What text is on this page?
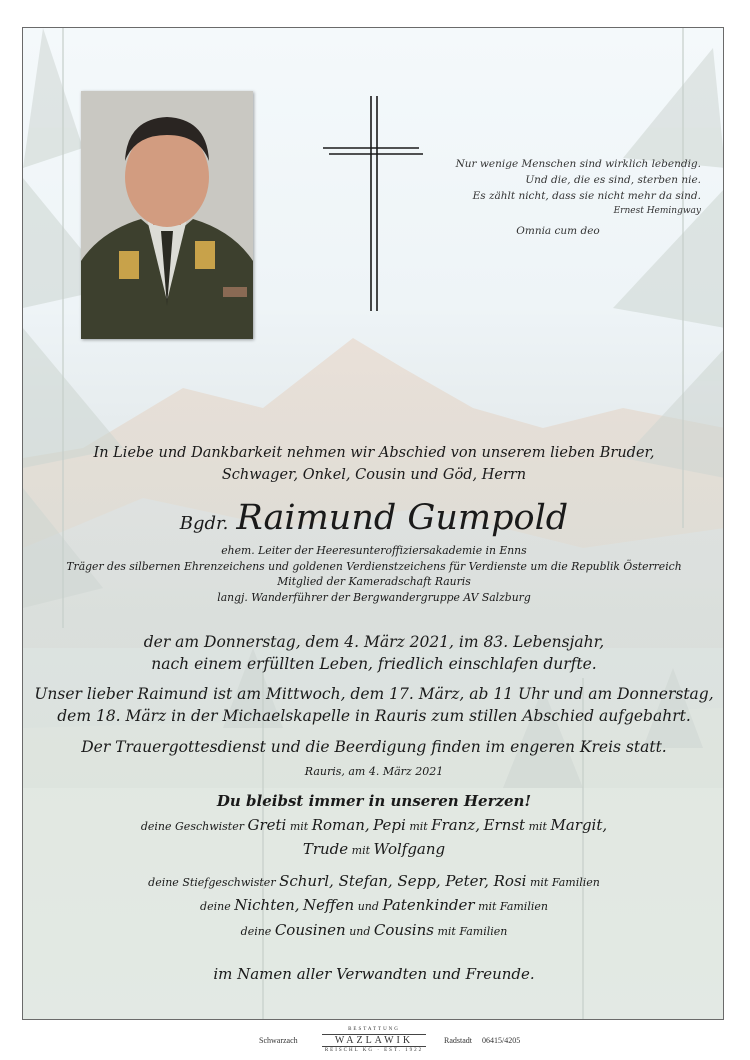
Nur wenige Menschen sind wirklich lebendig.
Und die, die es sind, sterben nie.
Es zählt nicht, dass sie nicht mehr da sind.
Ernest Hemingway
Omnia cum deo
In Liebe und Dankbarkeit nehmen wir Abschied von unserem lieben Bruder,
Schwager, Onkel, Cousin und Göd, Herrn
Bgdr. Raimund Gumpold
ehem. Leiter der Heeresunteroffiziersakademie in Enns
Träger des silbernen Ehrenzeichens und goldenen Verdienstzeichens für Verdienste um die Republik Österreich
Mitglied der Kameradschaft Rauris
langj. Wanderführer der Bergwandergruppe AV Salzburg
der am Donnerstag, dem 4. März 2021, im 83. Lebensjahr,
nach einem erfüllten Leben, friedlich einschlafen durfte.
Unser lieber Raimund ist am Mittwoch, dem 17. März, ab 11 Uhr und am Donnerstag,
dem 18. März in der Michaelskapelle in Rauris zum stillen Abschied aufgebahrt.
Der Trauergottesdienst und die Beerdigung finden im engeren Kreis statt.
Rauris, am 4. März 2021
Du bleibst immer in unseren Herzen!
deine Geschwister Greti mit Roman, Pepi mit Franz, Ernst mit Margit,
Trude mit Wolfgang
deine Stiefgeschwister Schurl, Stefan, Sepp, Peter, Rosi mit Familien
deine Nichten, Neffen und Patenkinder mit Familien
deine Cousinen und Cousins mit Familien
im Namen aller Verwandten und Freunde.
Schwarzach
BESTATTUNG
WAZLAWIK
REISCHL KG · EST. 1922
Radstadt 06415/4205
